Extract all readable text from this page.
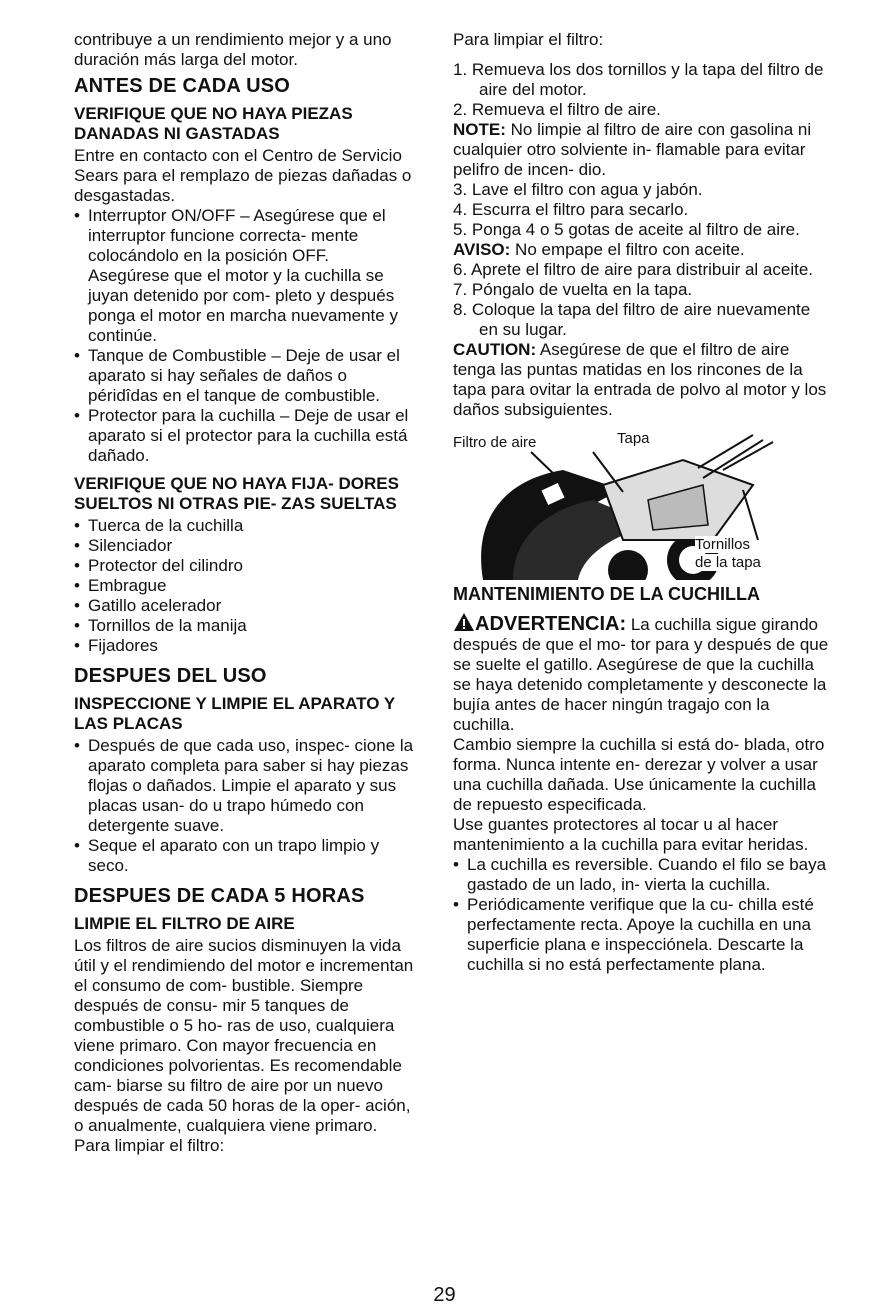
contribuye a un rendimiento mejor y a uno duración más larga del motor.

ANTES DE CADA USO
VERIFIQUE QUE NO HAYA PIEZAS DANADAS NI GASTADAS

Entre en contacto con el Centro de Servicio Sears para el remplazo de piezas dañadas o desgastadas.

• Interruptor ON/OFF – Asegúrese que el interruptor funcione correcta- mente colocándolo en la posición OFF. Asegúrese que el motor y la cuchilla se juyan detenido por com- pleto y después ponga el motor en marcha nuevamente y continúe.
• Tanque de Combustible – Deje de usar el aparato si hay señales de daños o péridîdas en el tanque de combustible.
• Protector para la cuchilla – Deje de usar el aparato si el protector para la cuchilla está dañado.
VERIFIQUE QUE NO HAYA FIJA- DORES SUELTOS NI OTRAS PIE- ZAS SUELTAS
• Tuerca de la cuchilla
• Silenciador
• Protector del cilindro
• Embrague
• Gatillo acelerador
• Tornillos de la manija
• Fijadores
DESPUES DEL USO
INSPECCIONE Y LIMPIE EL APARATO Y LAS PLACAS
• Después de que cada uso, inspec- cione la aparato completa para saber si hay piezas flojas o dañados. Limpie el aparato y sus placas usan- do u trapo húmedo con detergente suave.
• Seque el aparato con un trapo limpio y seco.
DESPUES DE CADA 5 HORAS
LIMPIE EL FILTRO DE AIRE

Los filtros de aire sucios disminuyen la vida útil y el rendimiendo del motor e incrementan el consumo de com- bustible. Siempre después de consu- mir 5 tanques de combustible o 5 ho- ras de uso, cualquiera viene primaro. Con mayor frecuencia en condiciones polvorientas. Es recomendable cam- biarse su filtro de aire por un nuevo después de cada 50 horas de la oper- ación, o anualmente, cualquiera viene primaro. Para limpiar el filtro:

Para limpiar el filtro:

1. Remueva los dos tornillos y la tapa del filtro de aire del motor.
2. Remueva el filtro de aire.

NOTE: No limpie al filtro de aire con gasolina ni cualquier otro solviente in- flamable para evitar pelifro de incen- dio.

3. Lave el filtro con agua y jabón.
4. Escurra el filtro para secarlo.
5. Ponga 4 o 5 gotas de aceite al filtro de aire.

AVISO: No empape el filtro con aceite.

6. Aprete el filtro de aire para distribuir al aceite.
7. Póngalo de vuelta en la tapa.
8. Coloque la tapa del filtro de aire nuevamente en su lugar.

CAUTION: Asegúrese de que el filtro de aire tenga las puntas matidas en los rincones de la tapa para ovitar la entrada de polvo al motor y los daños subsiguientes.

Filtro de aire	Tapa
Tornillos
de la tapa
MANTENIMIENTO DE LA CUCHILLA

ADVERTENCIA: La cuchilla sigue girando después de que el mo- tor para y después de que se suelte el gatillo. Asegúrese de que la cuchilla se haya detenido completamente y desconecte la bujía antes de hacer ningún tragajo con la cuchilla.

Cambio siempre la cuchilla si está do- blada, otro forma. Nunca intente en- derezar y volver a usar una cuchilla dañada. Use únicamente la cuchilla de repuesto especificada.

Use guantes protectores al tocar u al hacer mantenimiento a la cuchilla para evitar heridas.

• La cuchilla es reversible. Cuando el filo se baya gastado de un lado, in- vierta la cuchilla.
• Periódicamente verifique que la cu- chilla esté perfectamente recta. Apoye la cuchilla en una superficie plana e inspecciónela. Descarte la cuchilla si no está perfectamente plana.
29
